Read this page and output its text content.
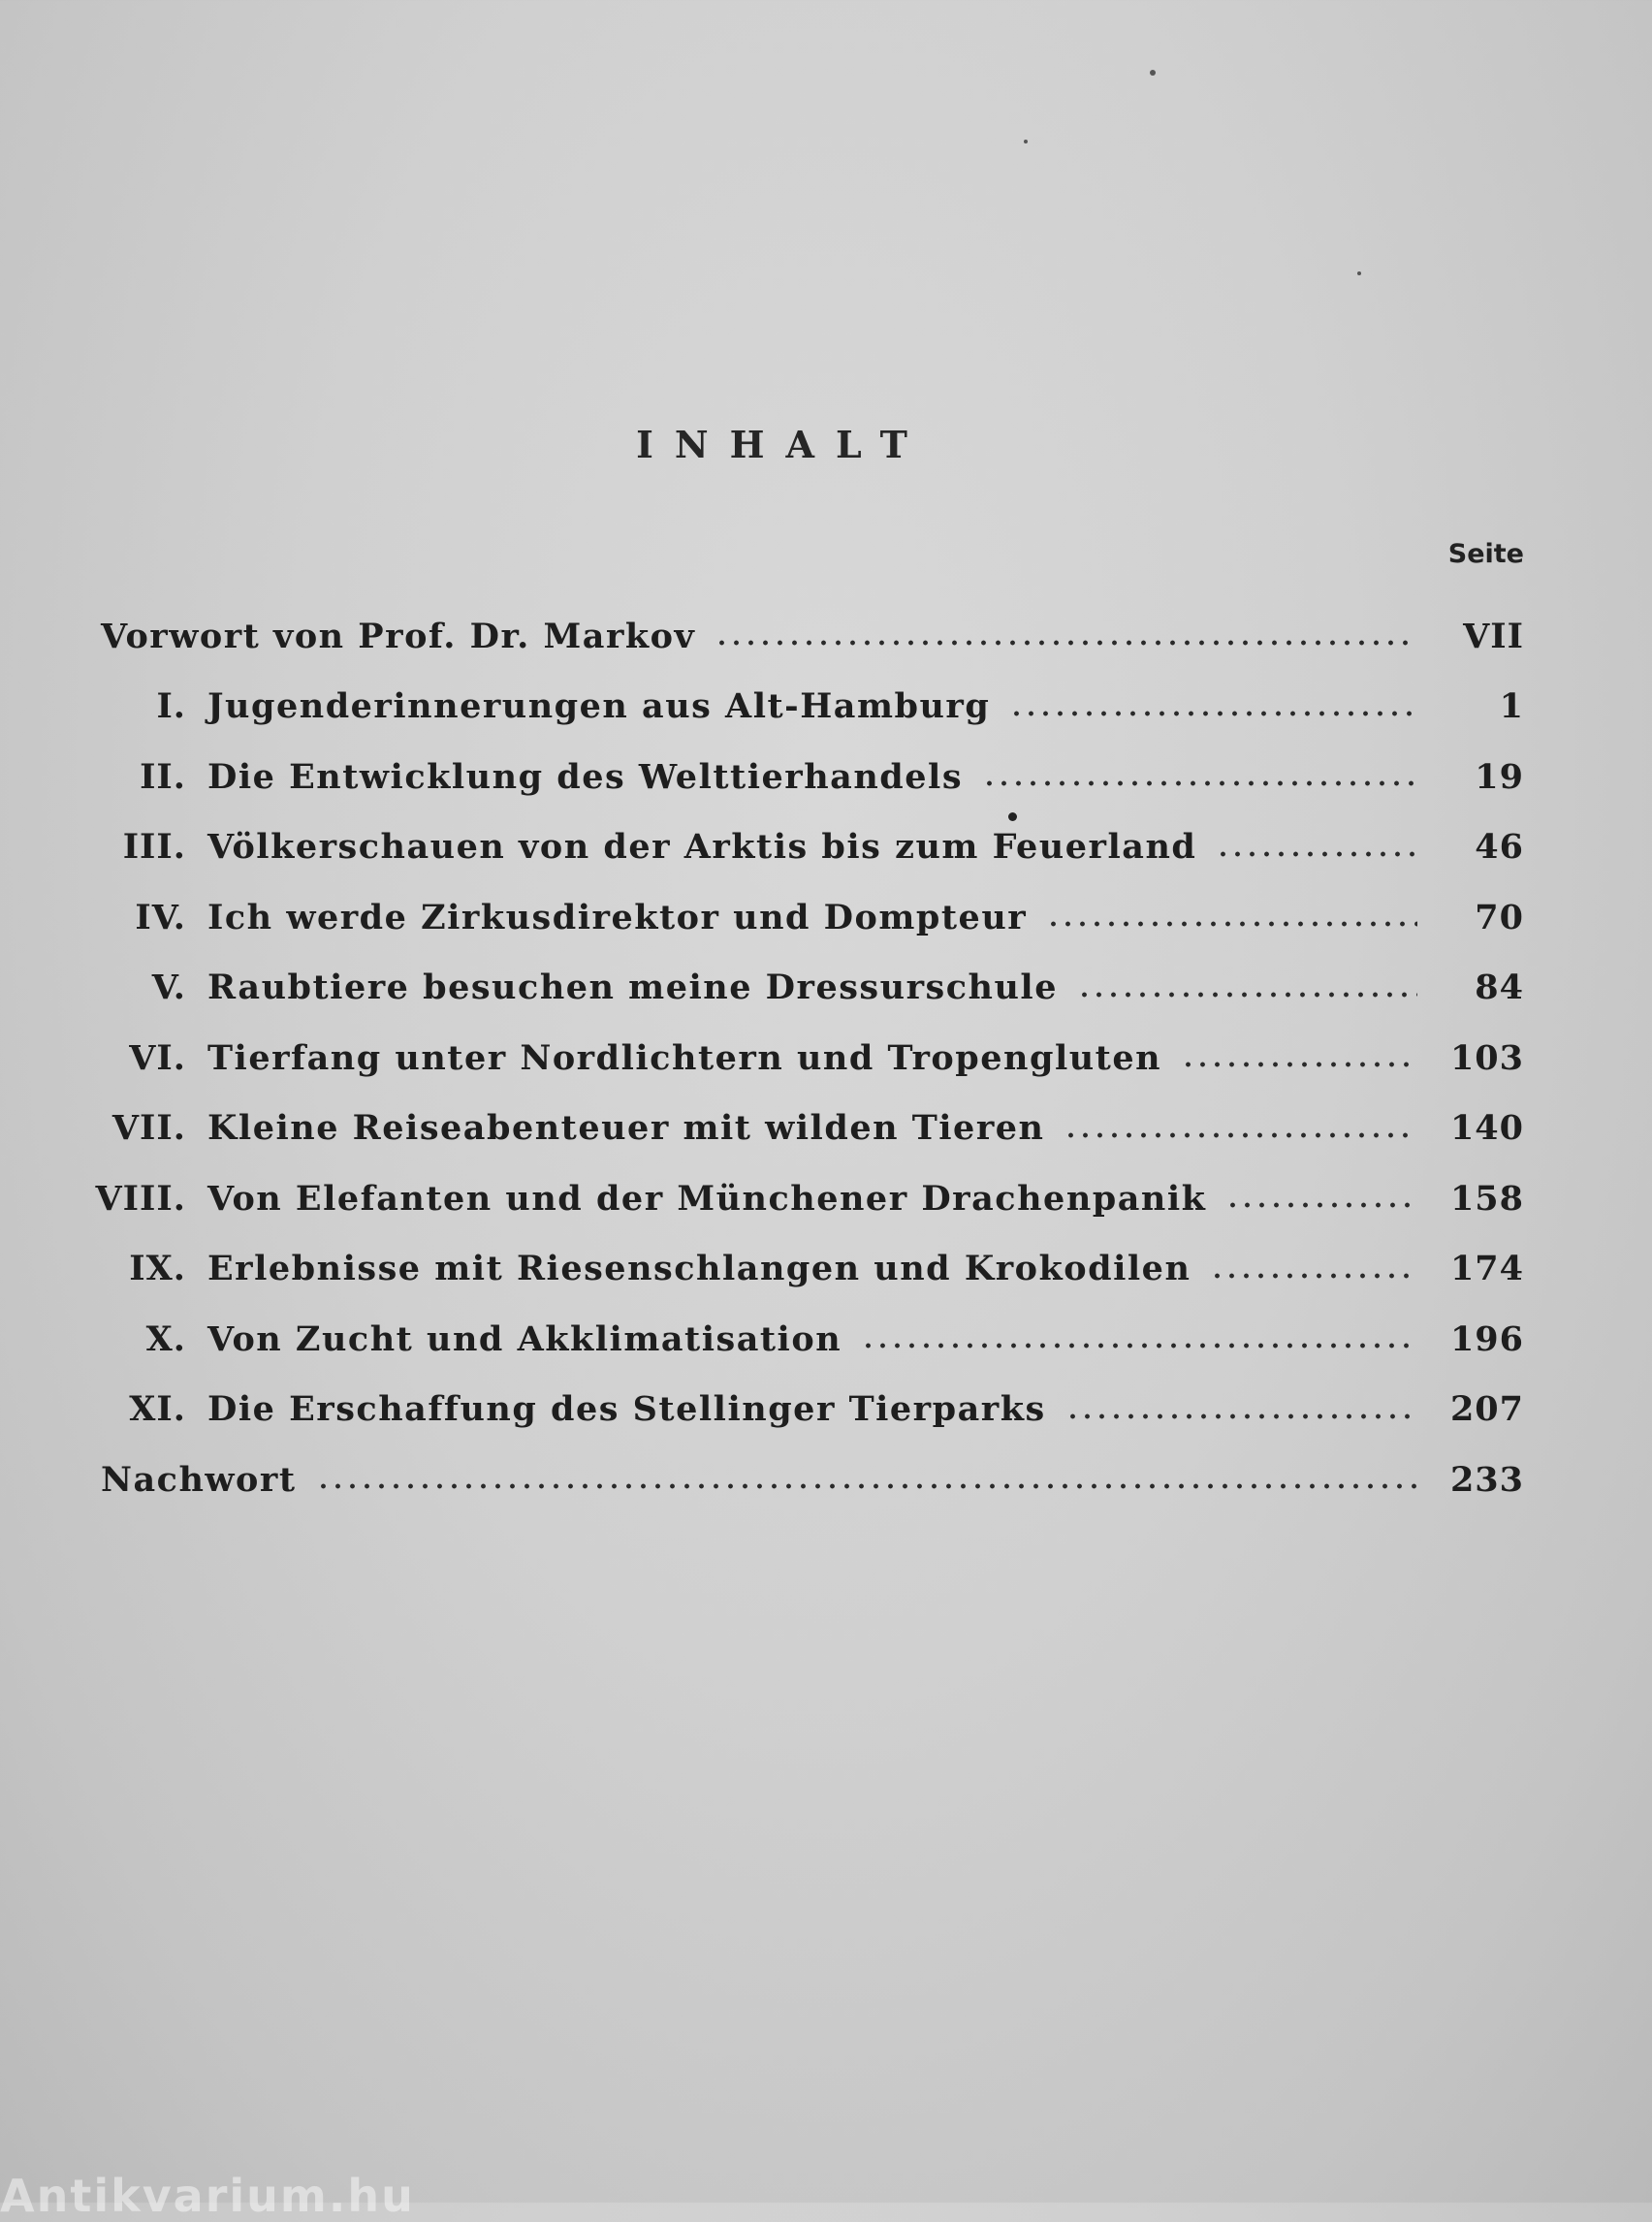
INHALT
Seite
Vorwort von Prof. Dr. Markov	VII
I. Jugenderinnerungen aus Alt-Hamburg	1
II. Die Entwicklung des Welttierhandels	19
III. Völkerschauen von der Arktis bis zum Feuerland	46
IV. Ich werde Zirkusdirektor und Dompteur	70
V. Raubtiere besuchen meine Dressurschule	84
VI. Tierfang unter Nordlichtern und Tropengluten	103
VII. Kleine Reiseabenteuer mit wilden Tieren	140
VIII. Von Elefanten und der Münchener Drachenpanik	158
IX. Erlebnisse mit Riesenschlangen und Krokodilen	174
X. Von Zucht und Akklimatisation	196
XI. Die Erschaffung des Stellinger Tierparks	207
Nachwort	233
Antikvarium.hu
